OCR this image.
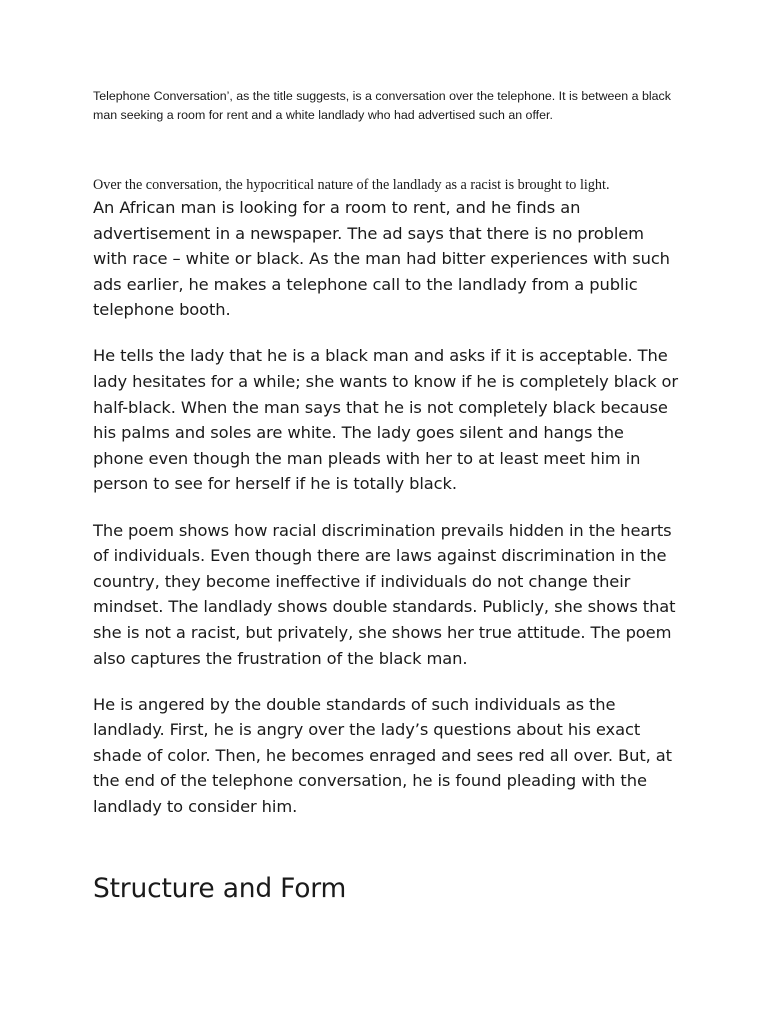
Telephone Conversation’, as the title suggests, is a conversation over the telephone. It is between a black man seeking a room for rent and a white landlady who had advertised such an offer.

Over the conversation, the hypocritical nature of the landlady as a racist is brought to light.

An African man is looking for a room to rent, and he finds an advertisement in a newspaper. The ad says that there is no problem with race – white or black. As the man had bitter experiences with such ads earlier, he makes a telephone call to the landlady from a public telephone booth.

He tells the lady that he is a black man and asks if it is acceptable. The lady hesitates for a while; she wants to know if he is completely black or half-black. When the man says that he is not completely black because his palms and soles are white. The lady goes silent and hangs the phone even though the man pleads with her to at least meet him in person to see for herself if he is totally black.

The poem shows how racial discrimination prevails hidden in the hearts of individuals. Even though there are laws against discrimination in the country, they become ineffective if individuals do not change their mindset. The landlady shows double standards. Publicly, she shows that she is not a racist, but privately, she shows her true attitude. The poem also captures the frustration of the black man.

He is angered by the double standards of such individuals as the landlady. First, he is angry over the lady’s questions about his exact shade of color. Then, he becomes enraged and sees red all over. But, at the end of the telephone conversation, he is found pleading with the landlady to consider him.

Structure and Form
